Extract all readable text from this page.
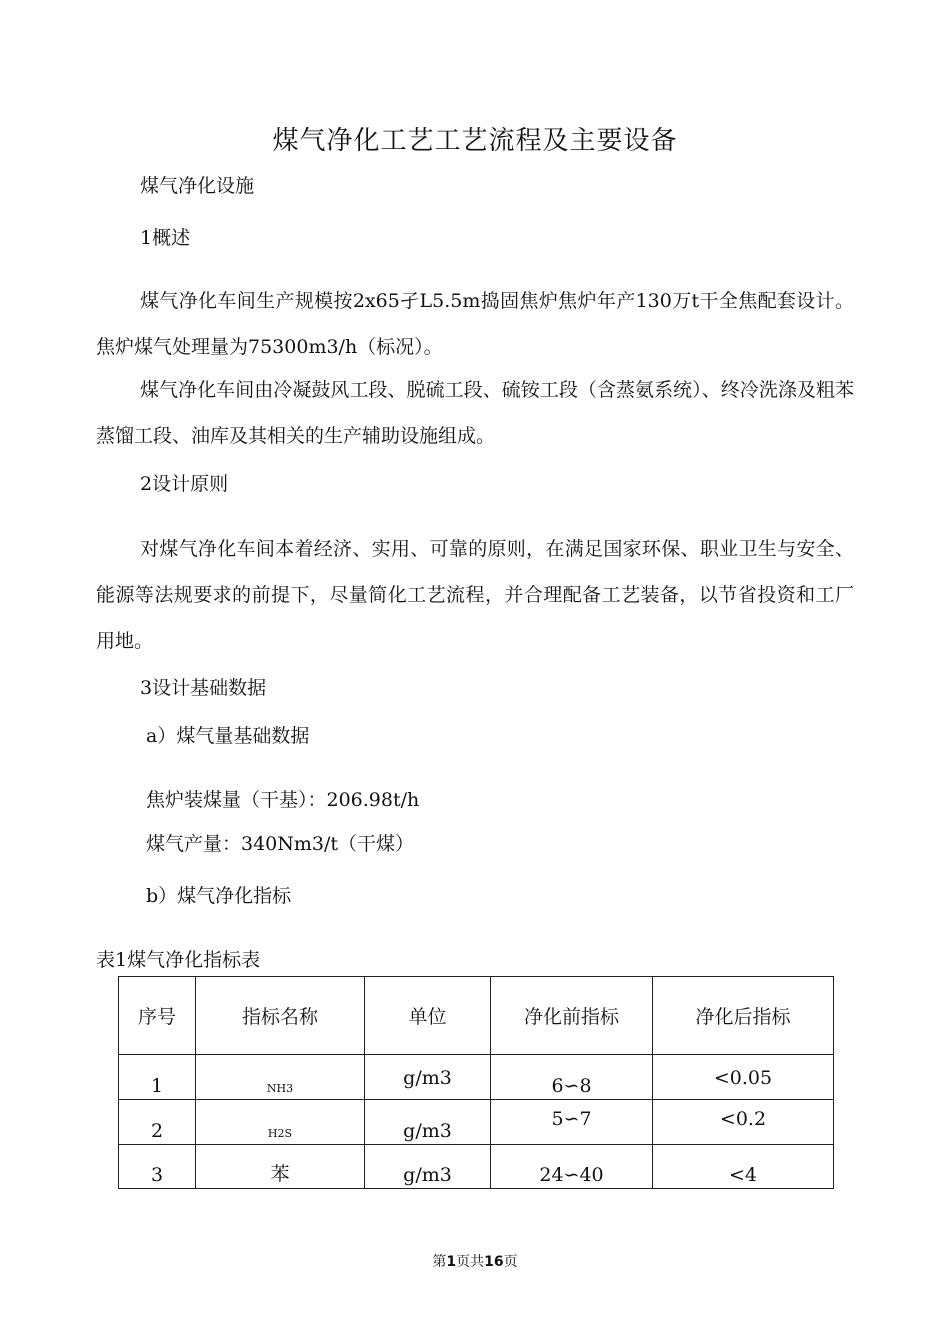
煤气净化工艺工艺流程及主要设备
煤气净化设施
1概述
煤气净化车间生产规模按2x65孑L5.5m捣固焦炉焦炉年产130万t干全焦配套设计。焦炉煤气处理量为75300m3/h（标况）。
煤气净化车间由冷凝鼓风工段、脱硫工段、硫铵工段（含蒸氨系统）、终冷洗涤及粗苯蒸馏工段、油库及其相关的生产辅助设施组成。
2设计原则
对煤气净化车间本着经济、实用、可靠的原则，在满足国家环保、职业卫生与安全、能源等法规要求的前提下，尽量简化工艺流程，并合理配备工艺装备，以节省投资和工厂用地。
3设计基础数据
a）煤气量基础数据
焦炉装煤量（干基）：206.98t/h
煤气产量：340Nm3/t（干煤）
b）煤气净化指标
表1煤气净化指标表
序号	指标名称	单位	净化前指标	净化后指标
1	NH3	g/m3	6∽8	<0.05
2	H2S	g/m3	5∽7	<0.2
3	苯	g/m3	24∽40	<4
第1页共16页
